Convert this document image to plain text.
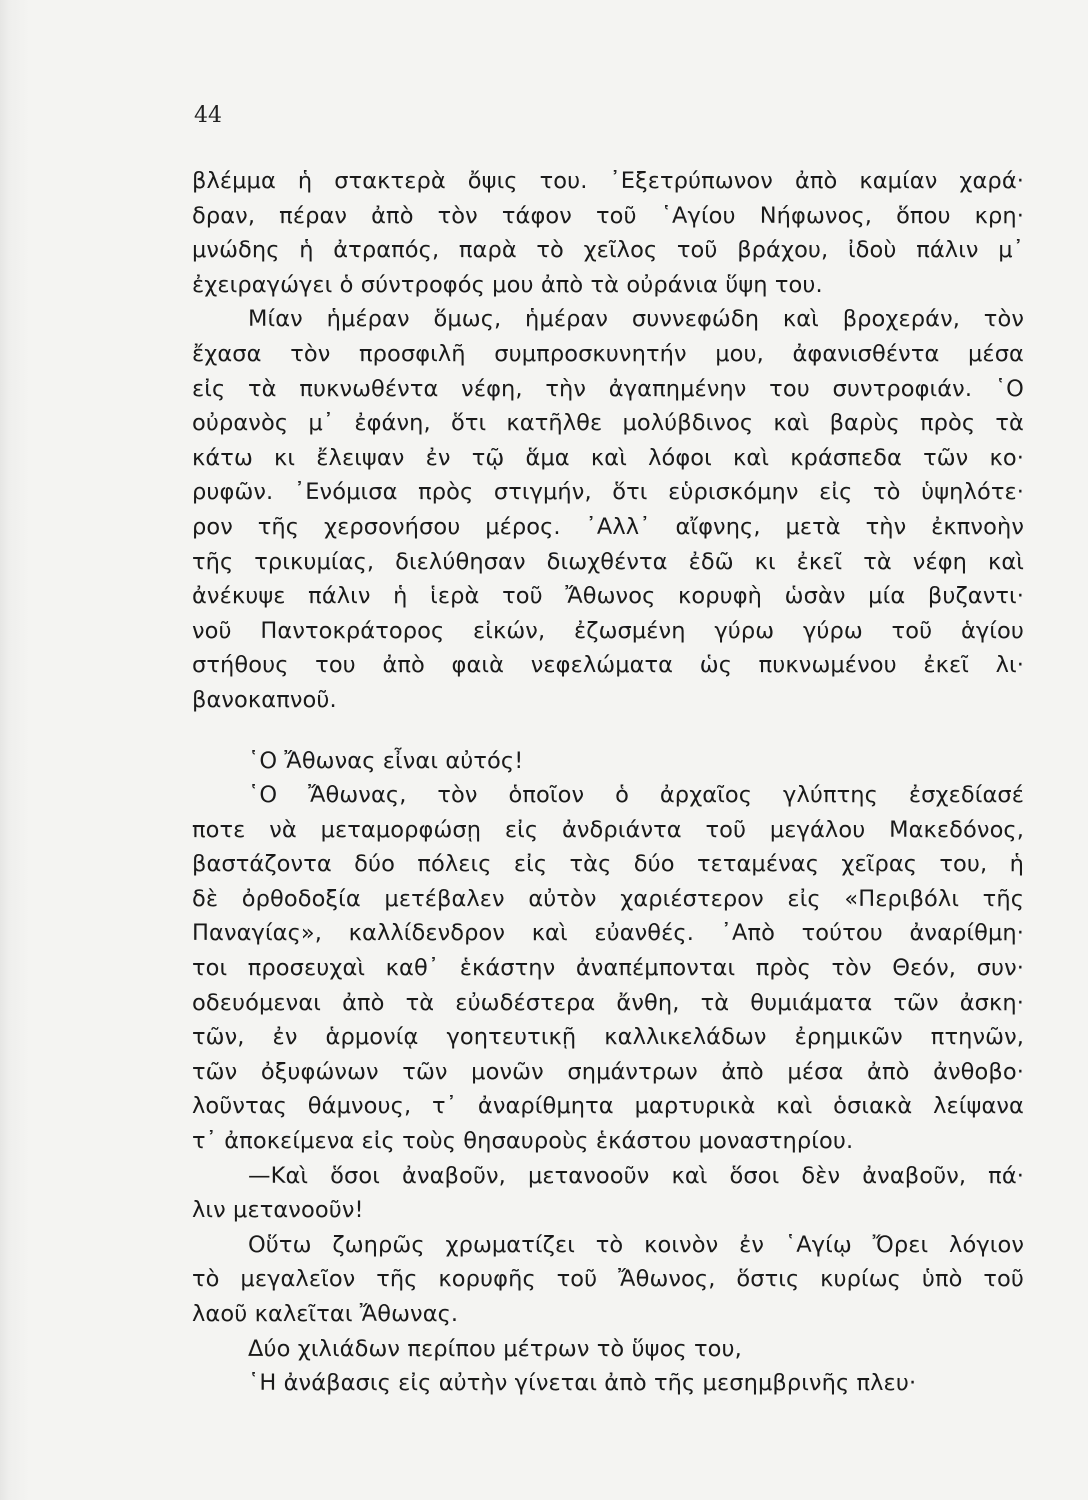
44
βλέμμα ἡ στακτερὰ ὄψις του. ᾿Εξετρύπωνον ἀπὸ καμίαν χαρά·
δραν, πέραν ἀπὸ τὸν τάφον τοῦ ῾Αγίου Νήφωνος, ὅπου κρη·
μνώδης ἡ ἀτραπός, παρὰ τὸ χεῖλος τοῦ βράχου, ἰδοὺ πάλιν μ᾿
ἐχειραγώγει ὁ σύντροφός μου ἀπὸ τὰ οὐράνια ὕψη του.
Μίαν ἡμέραν ὅμως, ἡμέραν συννεφώδη καὶ βροχεράν, τὸν
ἔχασα τὸν προσφιλῆ συμπροσκυνητήν μου, ἀφανισθέντα μέσα
εἰς τὰ πυκνωθέντα νέφη, τὴν ἀγαπημένην του συντροφιάν. ῾Ο
οὐρανὸς μ᾿ ἐφάνη, ὅτι κατῆλθε μολύβδινος καὶ βαρὺς πρὸς τὰ
κάτω κι ἔλειψαν ἐν τῷ ἅμα καὶ λόφοι καὶ κράσπεδα τῶν κο·
ρυφῶν. ᾿Ενόμισα πρὸς στιγμήν, ὅτι εὑρισκόμην εἰς τὸ ὑψηλότε·
ρον τῆς χερσονήσου μέρος. ᾿Αλλ᾿ αἴφνης, μετὰ τὴν ἐκπνοὴν
τῆς τρικυμίας, διελύθησαν διωχθέντα ἐδῶ κι ἐκεῖ τὰ νέφη καὶ
ἀνέκυψε πάλιν ἡ ἱερὰ τοῦ Ἄθωνος κορυφὴ ὡσὰν μία βυζαντι·
νοῦ Παντοκράτορος εἰκών, ἐζωσμένη γύρω γύρω τοῦ ἁγίου
στήθους του ἀπὸ φαιὰ νεφελώματα ὡς πυκνωμένου ἐκεῖ λι·
βανοκαπνοῦ.
῾Ο Ἄθωνας εἶναι αὐτός!
῾Ο Ἄθωνας, τὸν ὁποῖον ὁ ἀρχαῖος γλύπτης ἐσχεδίασέ
ποτε νὰ μεταμορφώσῃ εἰς ἀνδριάντα τοῦ μεγάλου Μακεδόνος,
βαστάζοντα δύο πόλεις εἰς τὰς δύο τεταμένας χεῖρας του, ἡ
δὲ ὀρθοδοξία μετέβαλεν αὐτὸν χαριέστερον εἰς «Περιβόλι τῆς
Παναγίας», καλλίδενδρον καὶ εὐανθές. ᾿Απὸ τούτου ἀναρίθμη·
τοι προσευχαὶ καθ᾿ ἑκάστην ἀναπέμπονται πρὸς τὸν Θεόν, συν·
οδευόμεναι ἀπὸ τὰ εὐωδέστερα ἄνθη, τὰ θυμιάματα τῶν ἀσκη·
τῶν, ἐν ἁρμονίᾳ γοητευτικῇ καλλικελάδων ἐρημικῶν πτηνῶν,
τῶν ὀξυφώνων τῶν μονῶν σημάντρων ἀπὸ μέσα ἀπὸ ἀνθοβο·
λοῦντας θάμνους, τ᾿ ἀναρίθμητα μαρτυρικὰ καὶ ὁσιακὰ λείψανα
τ᾿ ἀποκείμενα εἰς τοὺς θησαυροὺς ἑκάστου μοναστηρίου.
—Καὶ ὅσοι ἀναβοῦν, μετανοοῦν καὶ ὅσοι δὲν ἀναβοῦν, πά·
λιν μετανοοῦν!
Οὕτω ζωηρῶς χρωματίζει τὸ κοινὸν ἐν ῾Αγίῳ Ὄρει λόγιον
τὸ μεγαλεῖον τῆς κορυφῆς τοῦ Ἄθωνος, ὅστις κυρίως ὑπὸ τοῦ
λαοῦ καλεῖται Ἄθωνας.
Δύο χιλιάδων περίπου μέτρων τὸ ὕψος του,
῾Η ἀνάβασις εἰς αὐτὴν γίνεται ἀπὸ τῆς μεσημβρινῆς πλευ·
